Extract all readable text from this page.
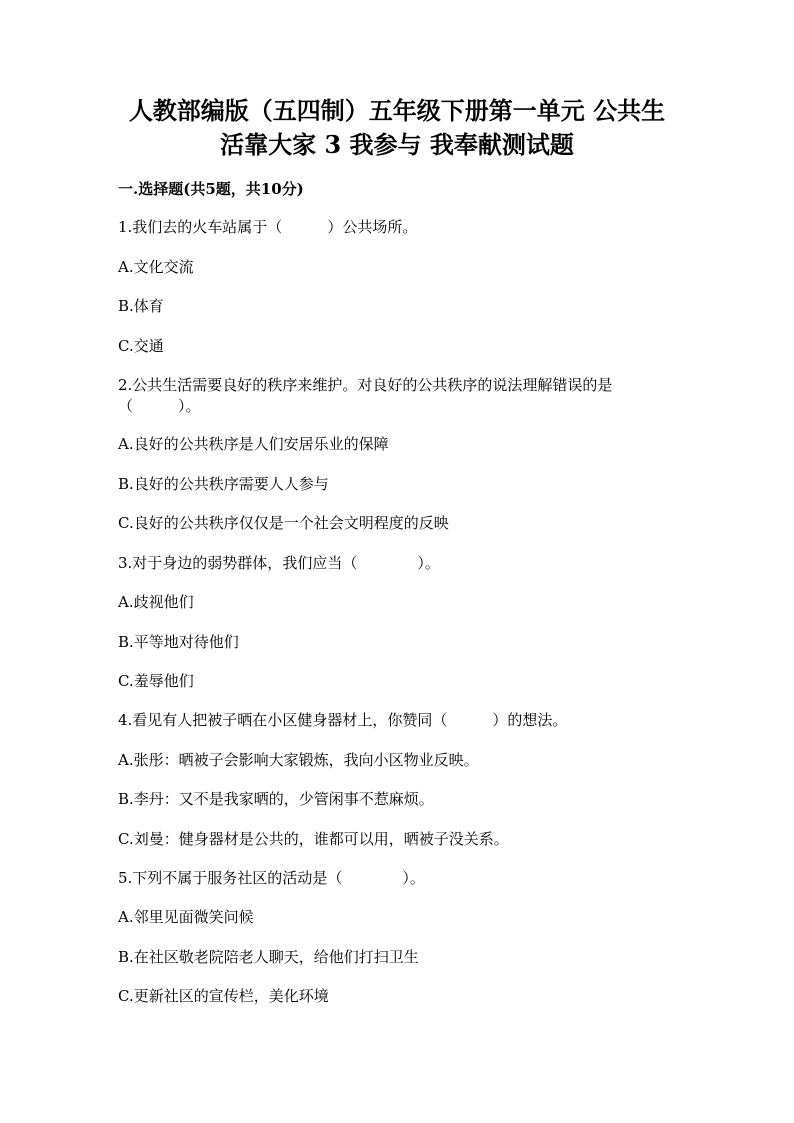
人教部编版（五四制）五年级下册第一单元 公共生
活靠大家 3 我参与 我奉献测试题
一.选择题(共5题，共10分)
1.我们去的火车站属于（　　　）公共场所。
A.文化交流
B.体育
C.交通
2.公共生活需要良好的秩序来维护。对良好的公共秩序的说法理解错误的是
（　　　）。
A.良好的公共秩序是人们安居乐业的保障
B.良好的公共秩序需要人人参与
C.良好的公共秩序仅仅是一个社会文明程度的反映
3.对于身边的弱势群体，我们应当（　　　　）。
A.歧视他们
B.平等地对待他们
C.羞辱他们
4.看见有人把被子晒在小区健身器材上，你赞同（　　　）的想法。
A.张彤：晒被子会影响大家锻炼，我向小区物业反映。
B.李丹：又不是我家晒的，少管闲事不惹麻烦。
C.刘曼：健身器材是公共的，谁都可以用，晒被子没关系。
5.下列不属于服务社区的活动是（　　　　）。
A.邻里见面微笑问候
B.在社区敬老院陪老人聊天，给他们打扫卫生
C.更新社区的宣传栏，美化环境
